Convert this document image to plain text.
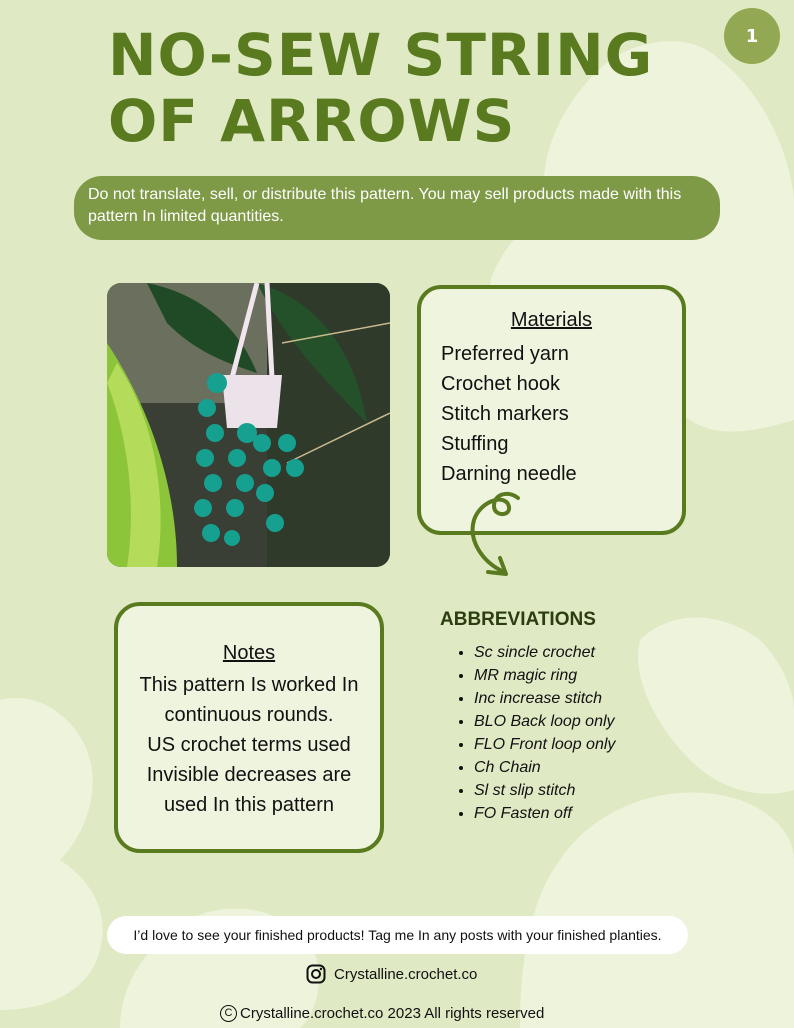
1
NO-SEW STRING
OF ARROWS
Do not translate, sell, or distribute this pattern. You may sell products made with this pattern In limited quantities.
Materials
Preferred yarn
Crochet hook
Stitch markers
Stuffing
Darning needle
Notes
This pattern Is worked In
continuous rounds.
US crochet terms used
Invisible decreases are
used In this pattern
ABBREVIATIONS
• Sc sincle crochet
• MR magic ring
• Inc increase stitch
• BLO Back loop only
• FLO Front loop only
• Ch Chain
• Sl st slip stitch
• FO Fasten off
I’d love to see your finished products! Tag me In any posts with your finished planties.
Crystalline.crochet.co
C Crystalline.crochet.co 2023 All rights reserved
